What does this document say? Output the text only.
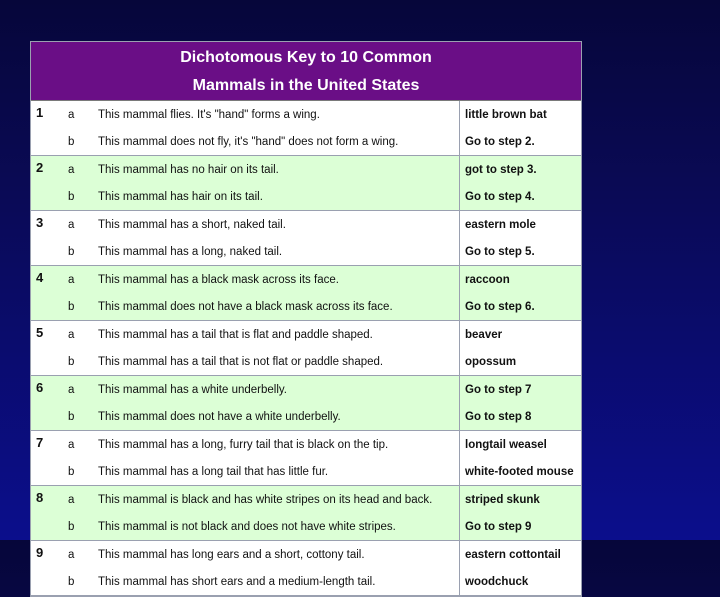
Dichotomous Key to 10 Common
Mammals in the United States
1	a	This mammal flies. It's "hand" forms a wing.	little brown bat
	b	This mammal does not fly, it's "hand" does not form a wing.	Go to step 2.
2	a	This mammal has no hair on its tail.	got to step 3.
	b	This mammal has hair on its tail.	Go to step 4.
3	a	This mammal has a short, naked tail.	eastern mole
	b	This mammal has a long, naked tail.	Go to step 5.
4	a	This mammal has a black mask across its face.	raccoon
	b	This mammal does not have a black mask across its face.	Go to step 6.
5	a	This mammal has a tail that is flat and paddle shaped.	beaver
	b	This mammal has a tail that is not flat or paddle shaped.	opossum
6	a	This mammal has a white underbelly.	Go to step 7
	b	This mammal does not have a white underbelly.	Go to step 8
7	a	This mammal has a long, furry tail that is black on the tip.	longtail weasel
	b	This mammal has a long tail that has little fur.	white-footed mouse
8	a	This mammal is black and has white stripes on its head and back.	striped skunk
	b	This mammal is not black and does not have white stripes.	Go to step 9
9	a	This mammal has long ears and a short, cottony tail.	eastern cottontail
	b	This mammal has short ears and a medium-length tail.	woodchuck
